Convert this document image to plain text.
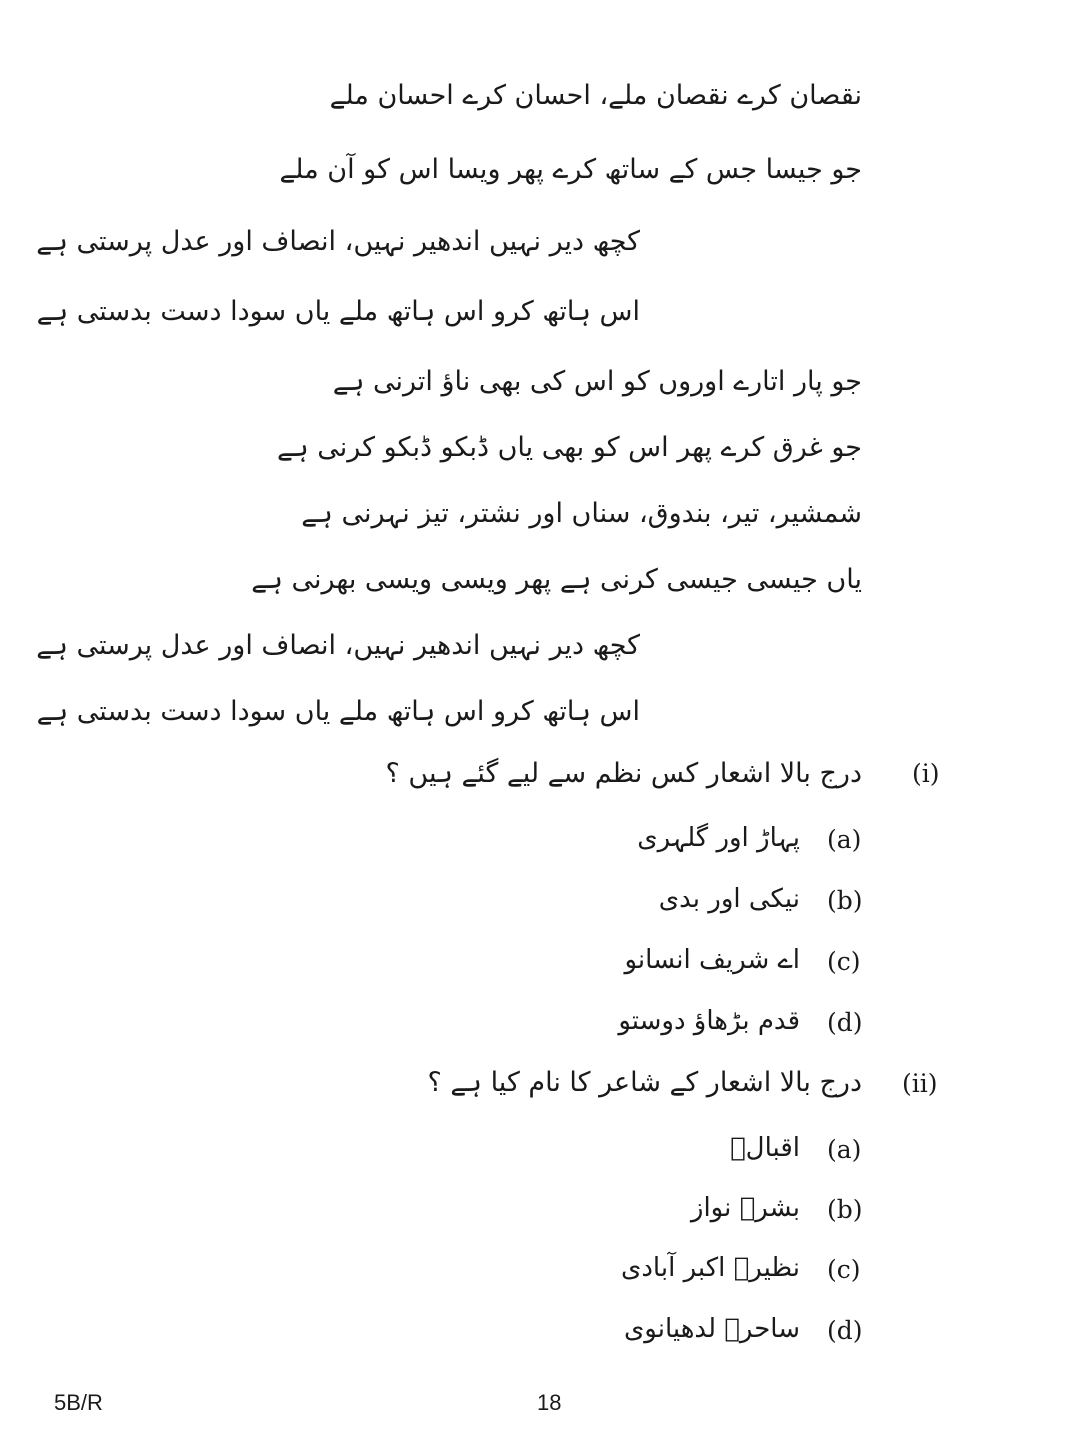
نقصان کرے نقصان ملے، احسان کرے احسان ملے
جو جیسا جس کے ساتھ کرے پھر ویسا اس کو آن ملے
کچھ دیر نہیں اندھیر نہیں، انصاف اور عدل پرستی ہے
اس ہاتھ کرو اس ہاتھ ملے یاں سودا دست بدستی ہے
جو پار اتارے اوروں کو اس کی بھی ناؤ اترنی ہے
جو غرق کرے پھر اس کو بھی یاں ڈبکو ڈبکو کرنی ہے
شمشیر، تیر، بندوق، سناں اور نشتر، تیز نہرنی ہے
یاں جیسی جیسی کرنی ہے پھر ویسی ویسی بھرنی ہے
کچھ دیر نہیں اندھیر نہیں، انصاف اور عدل پرستی ہے
اس ہاتھ کرو اس ہاتھ ملے یاں سودا دست بدستی ہے
(i)
درج بالا اشعار کس نظم سے لیے گئے ہیں ؟
(a)
پہاڑ اور گلہری
(b)
نیکی اور بدی
(c)
اے شریف انسانو
(d)
قدم بڑھاؤ دوستو
(ii)
درج بالا اشعار کے شاعر کا نام کیا ہے ؟
(a)
اقبالؔ
(b)
بشرؔ نواز
(c)
نظیرؔ اکبر آبادی
(d)
ساحرؔ لدھیانوی
5B/R	18
